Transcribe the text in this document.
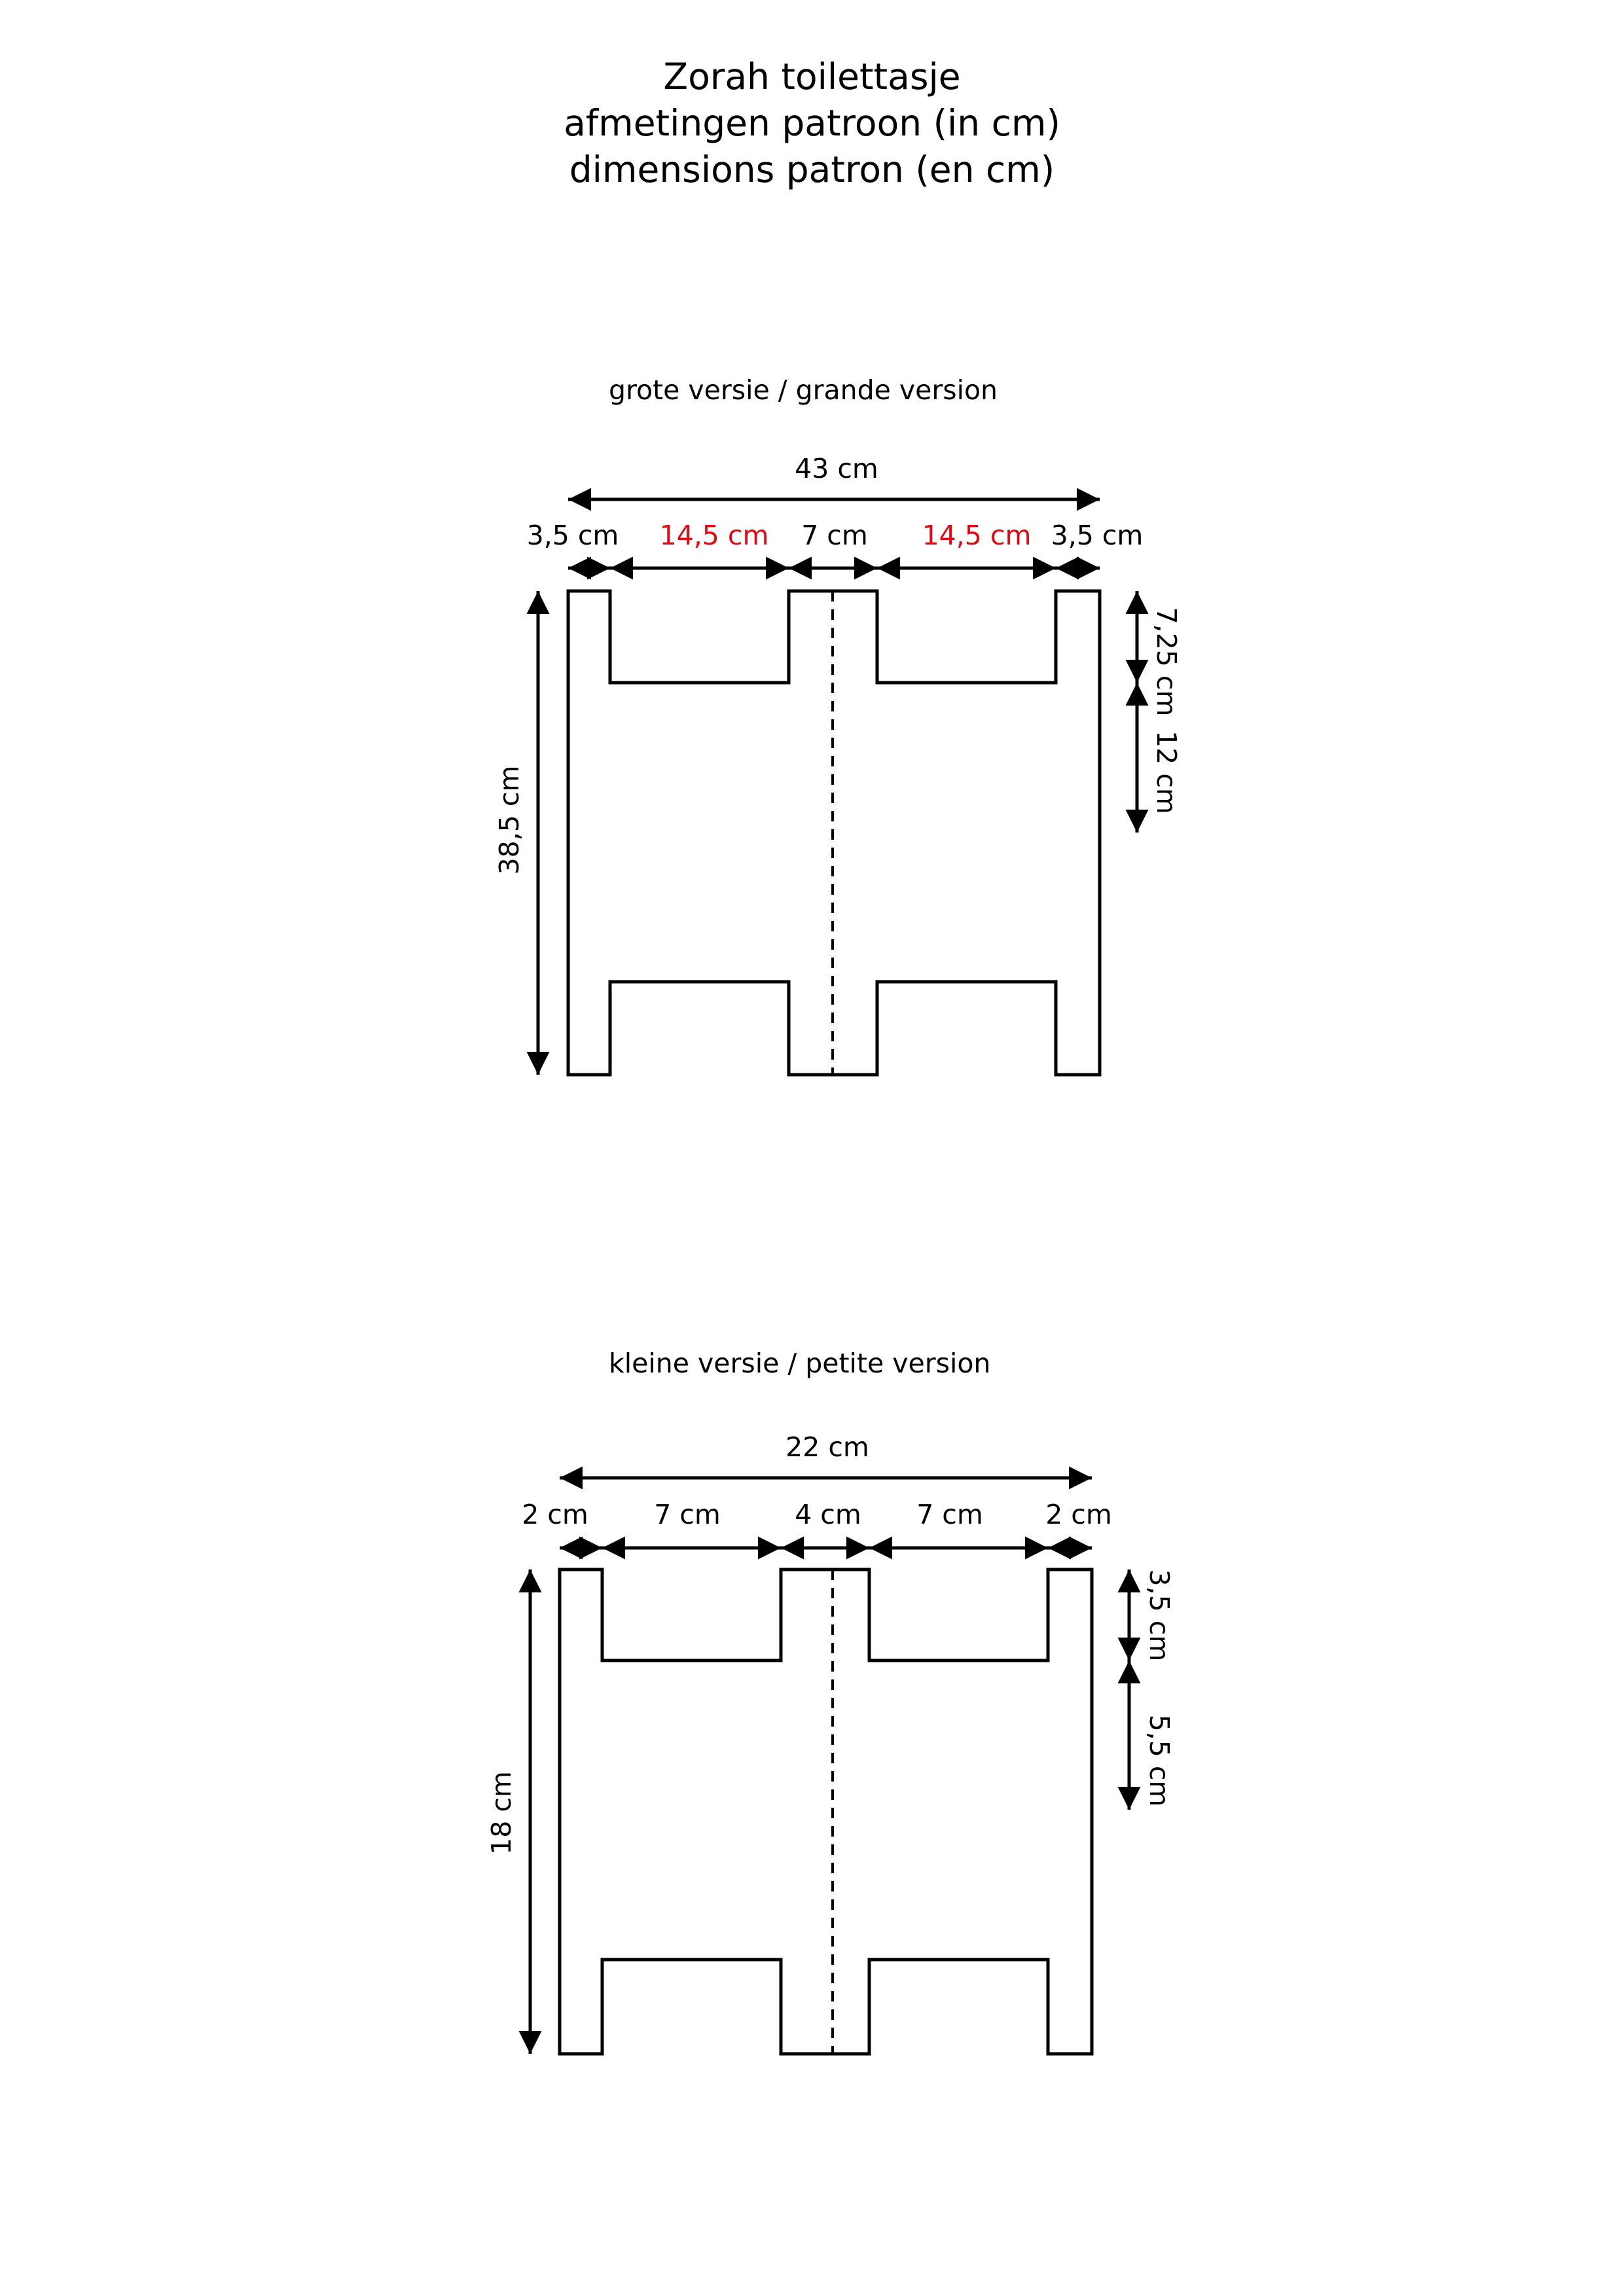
Zorah toilettasje
afmetingen patroon (in cm)
dimensions patron (en cm)
grote versie / grande version
43 cm
3,5 cm 14,5 cm 7 cm 14,5 cm 3,5 cm
38,5 cm
7,25 cm
12 cm
kleine versie / petite version
22 cm
2 cm 7 cm	4 cm 7 cm 2 cm
18 cm
3,5 cm
5,5 cm
